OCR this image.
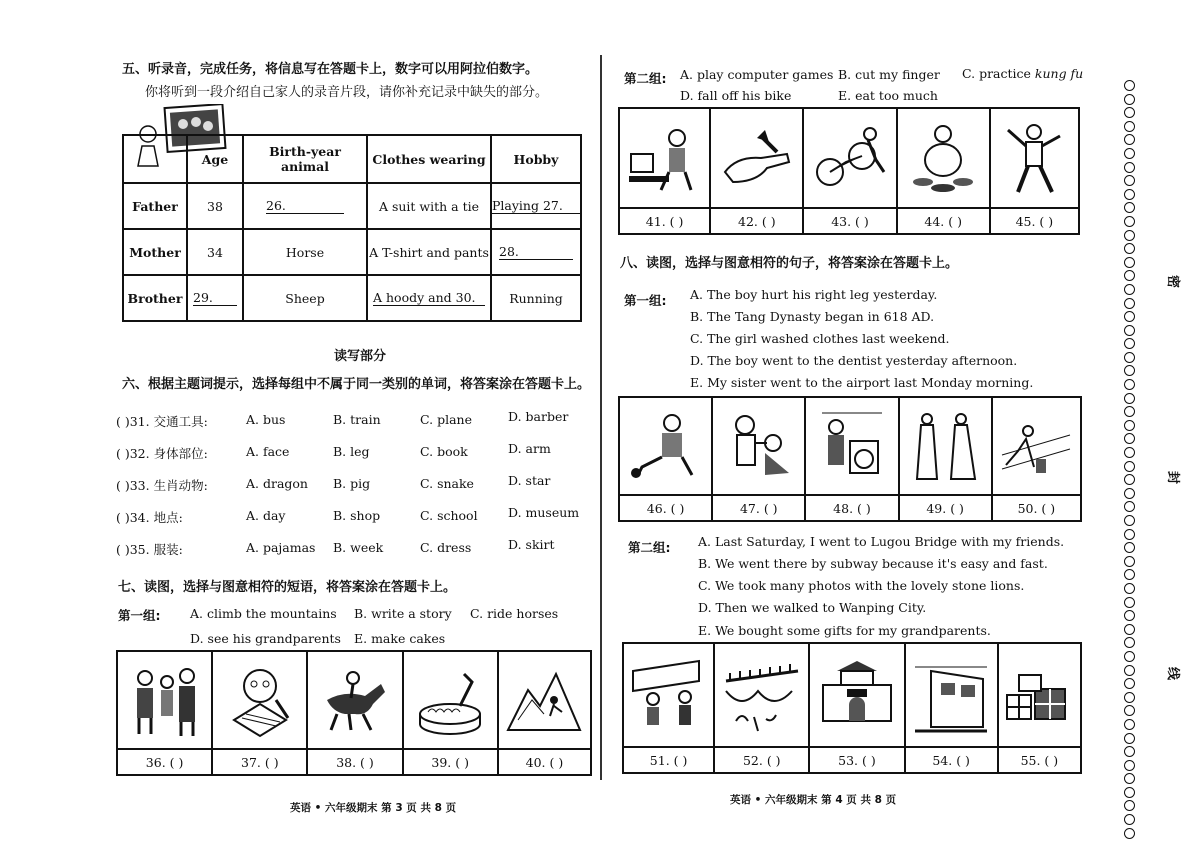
五、听录音，完成任务，将信息写在答题卡上，数字可以用阿拉伯数字。
你将听到一段介绍自己家人的录音片段，请你补充记录中缺失的部分。
	Age	Birth-year animal	Clothes wearing	Hobby
Father	38	26.	A suit with a tie	Playing 27.
Mother	34	Horse	A T-shirt and pants	28.
Brother	29.	Sheep	A hoody and 30.	Running
读写部分
六、根据主题词提示，选择每组中不属于同一类别的单词，将答案涂在答题卡上。
( )31. 交通工具:	A. bus	B. train	C. plane	D. barber
( )32. 身体部位:	A. face	B. leg	C. book	D. arm
( )33. 生肖动物:	A. dragon B. pig	C. snake	D. star
( )34. 地点:	A. day	B. shop	C. school D. museum
( )35. 服装:	A. pajamas B. week	C. dress	D. skirt
七、读图，选择与图意相符的短语，将答案涂在答题卡上。
第一组: A. climb the mountains B. write a story C. ride horses
D. see his grandparents E. make cakes
36. ( )	37. ( )	38. ( )	39. ( )	40. ( )
英语 • 六年级期末 第 3 页 共 8 页
第二组: A. play computer games B. cut my finger C. practice kung fu
D. fall off his bike	E. eat too much
41. ( )	42. ( )	43. ( )	44. ( )	45. ( )
八、读图，选择与图意相符的句子，将答案涂在答题卡上。
第一组: A. The boy hurt his right leg yesterday.
B. The Tang Dynasty began in 618 AD.
C. The girl washed clothes last weekend.
D. The boy went to the dentist yesterday afternoon.
E. My sister went to the airport last Monday morning.
46. ( )	47. ( )	48. ( )	49. ( )	50. ( )
第二组: A. Last Saturday, I went to Lugou Bridge with my friends.
B. We went there by subway because it's easy and fast.
C. We took many photos with the lovely stone lions.
D. Then we walked to Wanping City.
E. We bought some gifts for my grandparents.
51. ( )	52. ( )	53. ( )	54. ( )	55. ( )
英语 • 六年级期末 第 4 页 共 8 页
密
封
线
